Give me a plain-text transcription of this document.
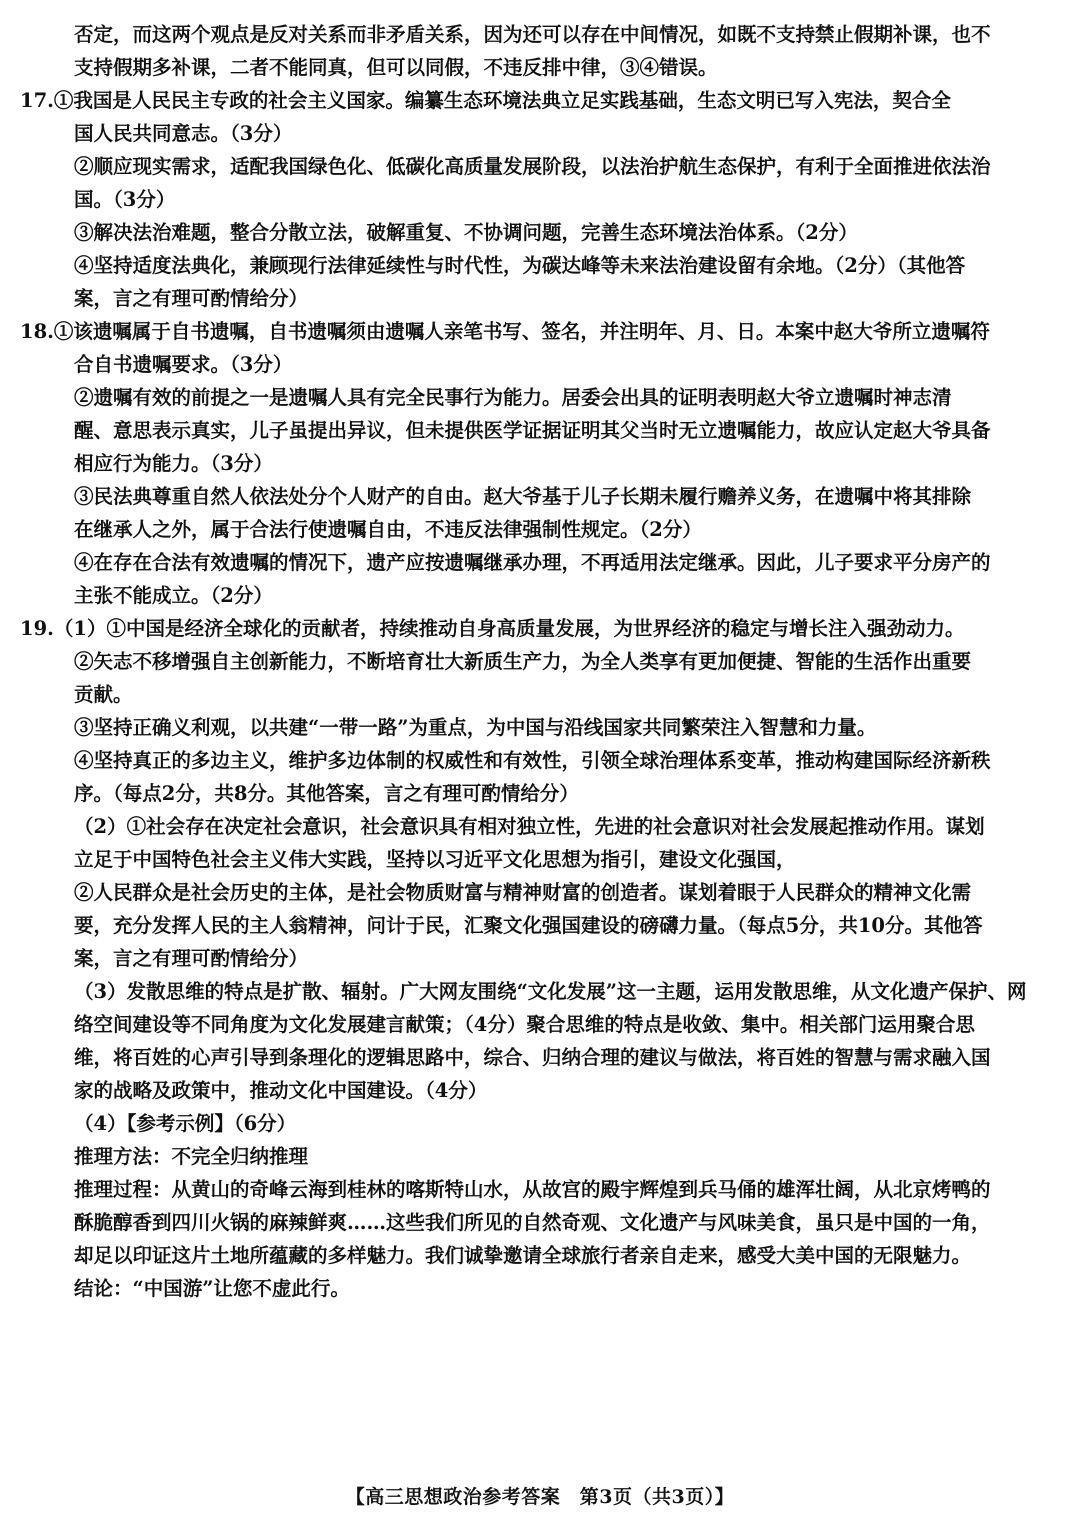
否定，而这两个观点是反对关系而非矛盾关系，因为还可以存在中间情况，如既不支持禁止假期补课，也不
支持假期多补课，二者不能同真，但可以同假，不违反排中律，③④错误。
17.①我国是人民民主专政的社会主义国家。编纂生态环境法典立足实践基础，生态文明已写入宪法，契合全
国人民共同意志。（3分）
②顺应现实需求，适配我国绿色化、低碳化高质量发展阶段，以法治护航生态保护，有利于全面推进依法治
国。（3分）
③解决法治难题，整合分散立法，破解重复、不协调问题，完善生态环境法治体系。（2分）
④坚持适度法典化，兼顾现行法律延续性与时代性，为碳达峰等未来法治建设留有余地。（2分）（其他答
案，言之有理可酌情给分）
18.①该遗嘱属于自书遗嘱，自书遗嘱须由遗嘱人亲笔书写、签名，并注明年、月、日。本案中赵大爷所立遗嘱符
合自书遗嘱要求。（3分）
②遗嘱有效的前提之一是遗嘱人具有完全民事行为能力。居委会出具的证明表明赵大爷立遗嘱时神志清
醒、意思表示真实，儿子虽提出异议，但未提供医学证据证明其父当时无立遗嘱能力，故应认定赵大爷具备
相应行为能力。（3分）
③民法典尊重自然人依法处分个人财产的自由。赵大爷基于儿子长期未履行赡养义务，在遗嘱中将其排除
在继承人之外，属于合法行使遗嘱自由，不违反法律强制性规定。（2分）
④在存在合法有效遗嘱的情况下，遗产应按遗嘱继承办理，不再适用法定继承。因此，儿子要求平分房产的
主张不能成立。（2分）
19.（1）①中国是经济全球化的贡献者，持续推动自身高质量发展，为世界经济的稳定与增长注入强劲动力。
②矢志不移增强自主创新能力，不断培育壮大新质生产力，为全人类享有更加便捷、智能的生活作出重要
贡献。
③坚持正确义利观，以共建“一带一路”为重点，为中国与沿线国家共同繁荣注入智慧和力量。
④坚持真正的多边主义，维护多边体制的权威性和有效性，引领全球治理体系变革，推动构建国际经济新秩
序。（每点2分，共8分。其他答案，言之有理可酌情给分）
（2）①社会存在决定社会意识，社会意识具有相对独立性，先进的社会意识对社会发展起推动作用。谋划
立足于中国特色社会主义伟大实践，坚持以习近平文化思想为指引，建设文化强国，
②人民群众是社会历史的主体，是社会物质财富与精神财富的创造者。谋划着眼于人民群众的精神文化需
要，充分发挥人民的主人翁精神，问计于民，汇聚文化强国建设的磅礴力量。（每点5分，共10分。其他答
案，言之有理可酌情给分）
（3）发散思维的特点是扩散、辐射。广大网友围绕“文化发展”这一主题，运用发散思维，从文化遗产保护、网
络空间建设等不同角度为文化发展建言献策；（4分）聚合思维的特点是收敛、集中。相关部门运用聚合思
维，将百姓的心声引导到条理化的逻辑思路中，综合、归纳合理的建议与做法，将百姓的智慧与需求融入国
家的战略及政策中，推动文化中国建设。（4分）
（4）【参考示例】（6分）
推理方法：不完全归纳推理
推理过程：从黄山的奇峰云海到桂林的喀斯特山水，从故宫的殿宇辉煌到兵马俑的雄浑壮阔，从北京烤鸭的
酥脆醇香到四川火锅的麻辣鲜爽……这些我们所见的自然奇观、文化遗产与风味美食，虽只是中国的一角，
却足以印证这片土地所蕴藏的多样魅力。我们诚挚邀请全球旅行者亲自走来，感受大美中国的无限魅力。
结论：“中国游”让您不虚此行。
【高三思想政治参考答案　第3页（共3页）】
